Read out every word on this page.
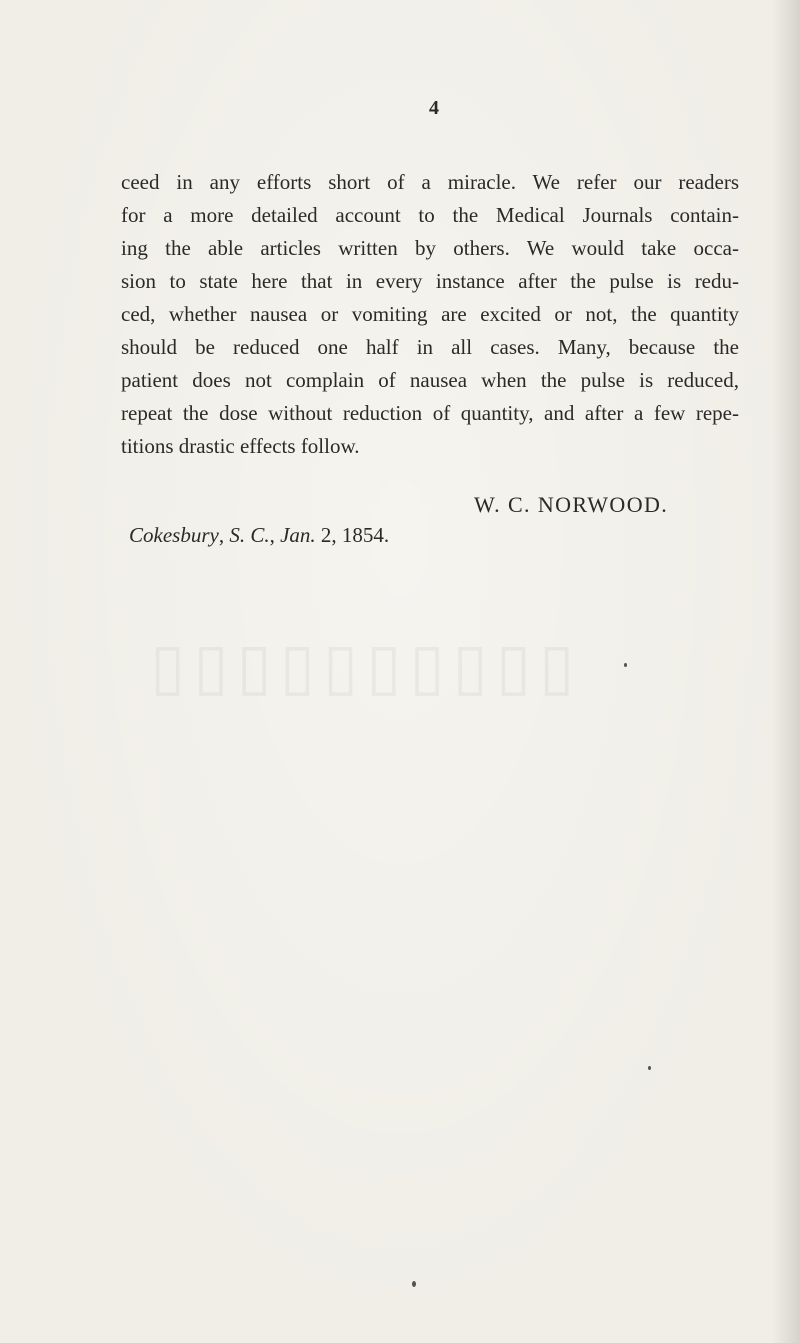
▯▯▯▯▯▯▯▯▯▯
4
ceed in any efforts short of a miracle. We refer our readers
for a more detailed account to the Medical Journals contain-
ing the able articles written by others. We would take occa-
sion to state here that in every instance after the pulse is redu-
ced, whether nausea or vomiting are excited or not, the quantity
should be reduced one half in all cases. Many, because the
patient does not complain of nausea when the pulse is reduced,
repeat the dose without reduction of quantity, and after a few repe-
titions drastic effects follow.
W. C. NORWOOD.
Cokesbury, S. C., Jan. 2, 1854.
